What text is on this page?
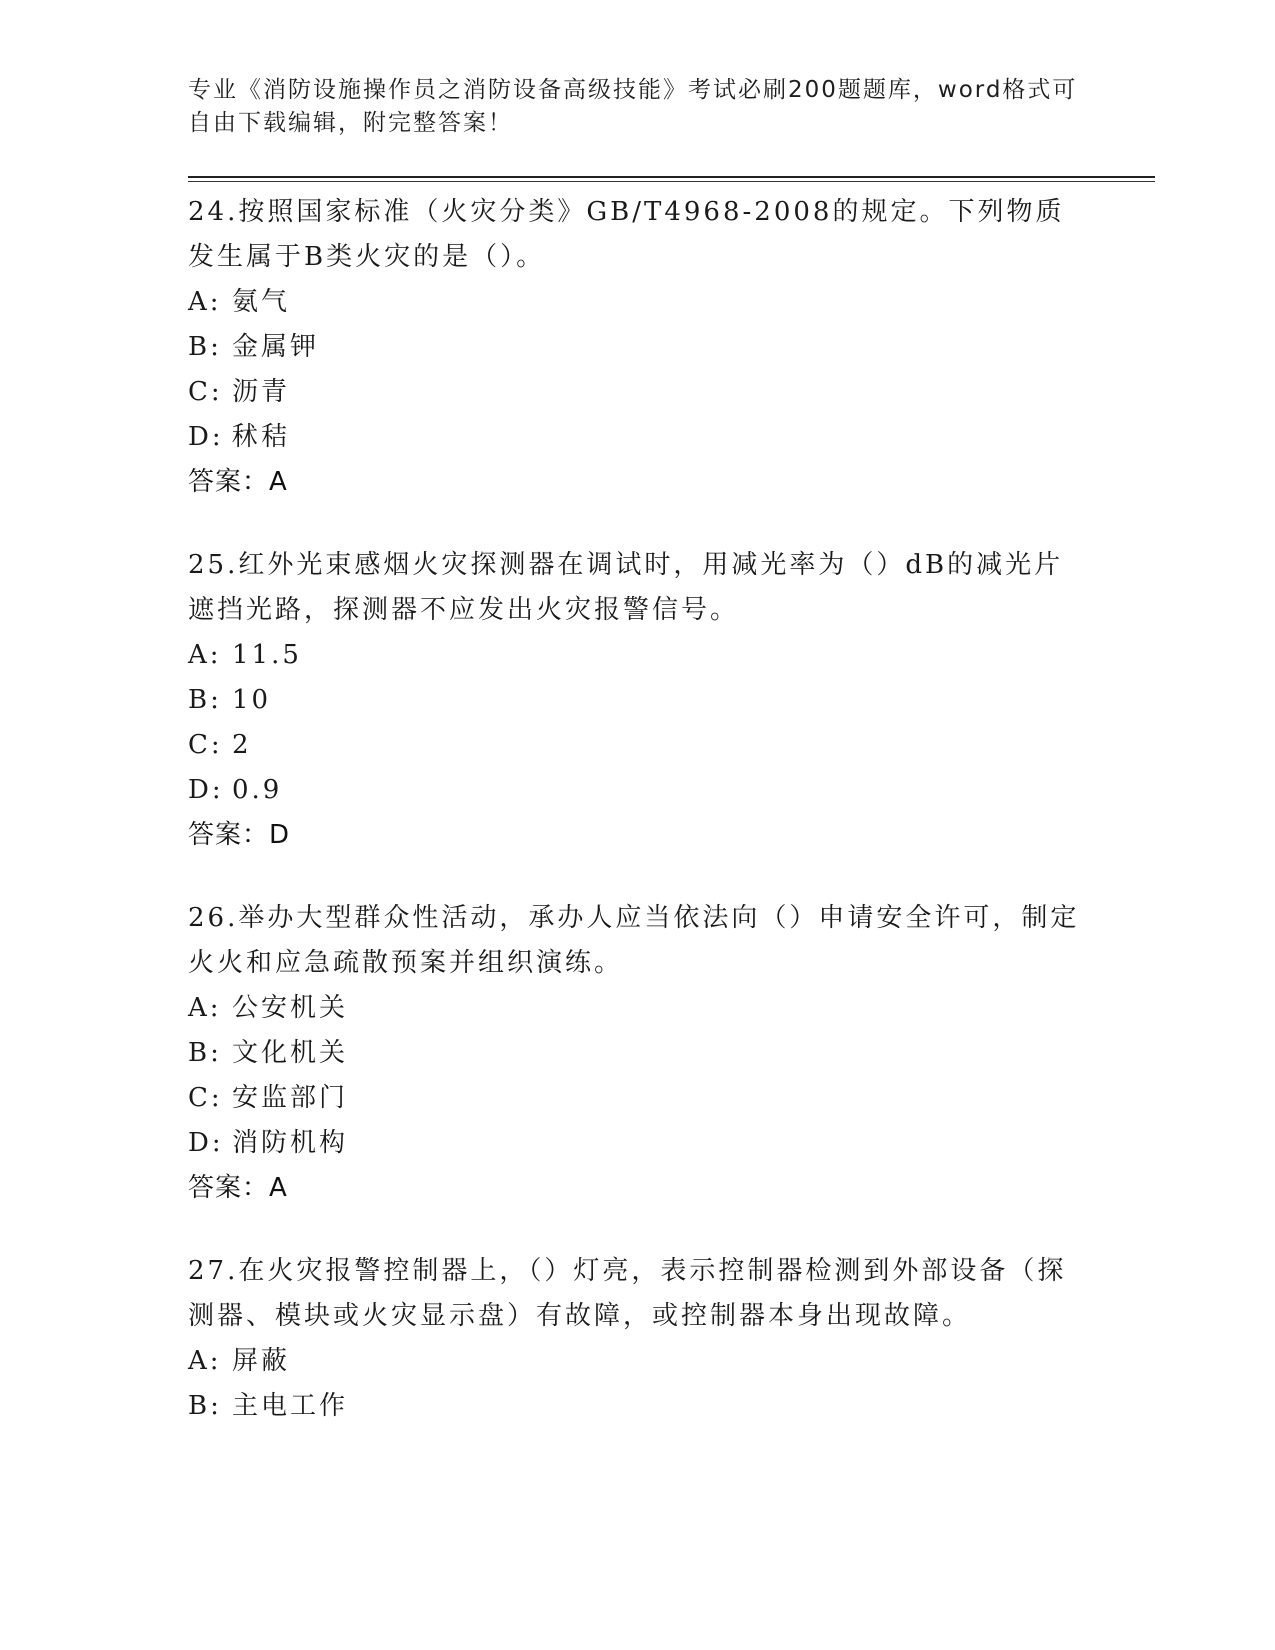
专业《消防设施操作员之消防设备高级技能》考试必刷200题题库，word格式可自由下载编辑，附完整答案！

24.按照国家标准（火灾分类》GB/T4968-2008的规定。下列物质发生属于B类火灾的是（）。

A: 氨气

B: 金属钾

C: 沥青

D: 秫秸

答案：A

25.红外光束感烟火灾探测器在调试时，用减光率为（）dB的减光片遮挡光路，探测器不应发出火灾报警信号。

A: 11.5

B: 10

C: 2

D: 0.9

答案：D

26.举办大型群众性活动，承办人应当依法向（）申请安全许可，制定火火和应急疏散预案并组织演练。

A: 公安机关

B: 文化机关

C: 安监部门

D: 消防机构

答案：A

27.在火灾报警控制器上，（）灯亮，表示控制器检测到外部设备（探测器、模块或火灾显示盘）有故障，或控制器本身出现故障。

A: 屏蔽

B: 主电工作
